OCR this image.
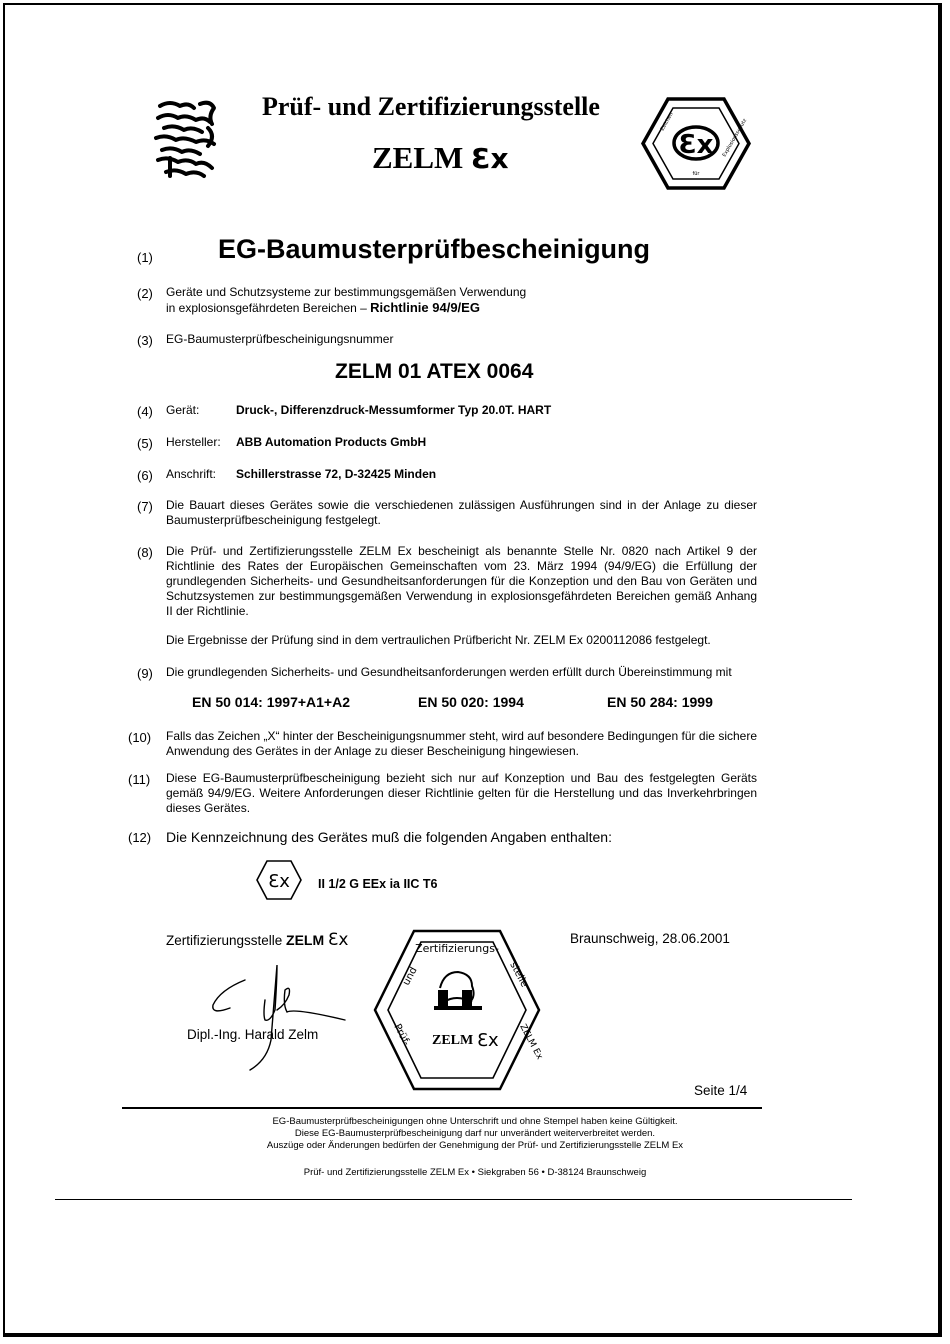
Prüf- und Zertifizierungsstelle
ZELM Ɛx	Ɛx
Zeichen
für
Explosionsschutz
(1) EG-Baumusterprüfbescheinigung
(2) Geräte und Schutzsysteme zur bestimmungsgemäßen Verwendung
in explosionsgefährdeten Bereichen – Richtlinie 94/9/EG
(3) EG-Baumusterprüfbescheinigungsnummer
ZELM 01 ATEX 0064
(4) Gerät:	Druck-, Differenzdruck-Messumformer Typ 20.0T. HART
(5) Hersteller: ABB Automation Products GmbH
(6) Anschrift: Schillerstrasse 72, D-32425 Minden
(7) Die Bauart dieses Gerätes sowie die verschiedenen zulässigen Ausführungen sind in der Anlage zu dieser Baumusterprüfbescheinigung festgelegt.
(8) Die Prüf- und Zertifizierungsstelle ZELM Ex bescheinigt als benannte Stelle Nr. 0820 nach Artikel 9 der Richtlinie des Rates der Europäischen Gemeinschaften vom 23. März 1994 (94/9/EG) die Erfüllung der grundlegenden Sicherheits- und Gesundheitsanforderungen für die Konzeption und den Bau von Geräten und Schutzsystemen zur bestimmungsgemäßen Verwendung in explosionsgefährdeten Bereichen gemäß Anhang II der Richtlinie.
Die Ergebnisse der Prüfung sind in dem vertraulichen Prüfbericht Nr. ZELM Ex 0200112086 festgelegt.
(9) Die grundlegenden Sicherheits- und Gesundheitsanforderungen werden erfüllt durch Übereinstimmung mit
EN 50 014: 1997+A1+A2	EN 50 020: 1994	EN 50 284: 1999
(10) Falls das Zeichen „X“ hinter der Bescheinigungsnummer steht, wird auf besondere Bedingungen für die sichere Anwendung des Gerätes in der Anlage zu dieser Bescheinigung hingewiesen.
(11) Diese EG-Baumusterprüfbescheinigung bezieht sich nur auf Konzeption und Bau des festgelegten Geräts gemäß 94/9/EG. Weitere Anforderungen dieser Richtlinie gelten für die Herstellung und das Inverkehrbringen dieses Gerätes.
(12) Die Kennzeichnung des Gerätes muß die folgenden Angaben enthalten:
Ɛx II 1/2 G EEx ia IIC T6
Zertifizierungsstelle ZELM Ɛx
Dipl.-Ing. Harald Zelm
Zertifizierungs-
und	stelle
Prüf-	ZELM Ex
ZELM Ɛx
Braunschweig, 28.06.2001
Seite 1/4
EG-Baumusterprüfbescheinigungen ohne Unterschrift und ohne Stempel haben keine Gültigkeit.
Diese EG-Baumusterprüfbescheinigung darf nur unverändert weiterverbreitet werden.
Auszüge oder Änderungen bedürfen der Genehmigung der Prüf- und Zertifizierungsstelle ZELM Ex
Prüf- und Zertifizierungsstelle ZELM Ex • Siekgraben 56 • D-38124 Braunschweig
